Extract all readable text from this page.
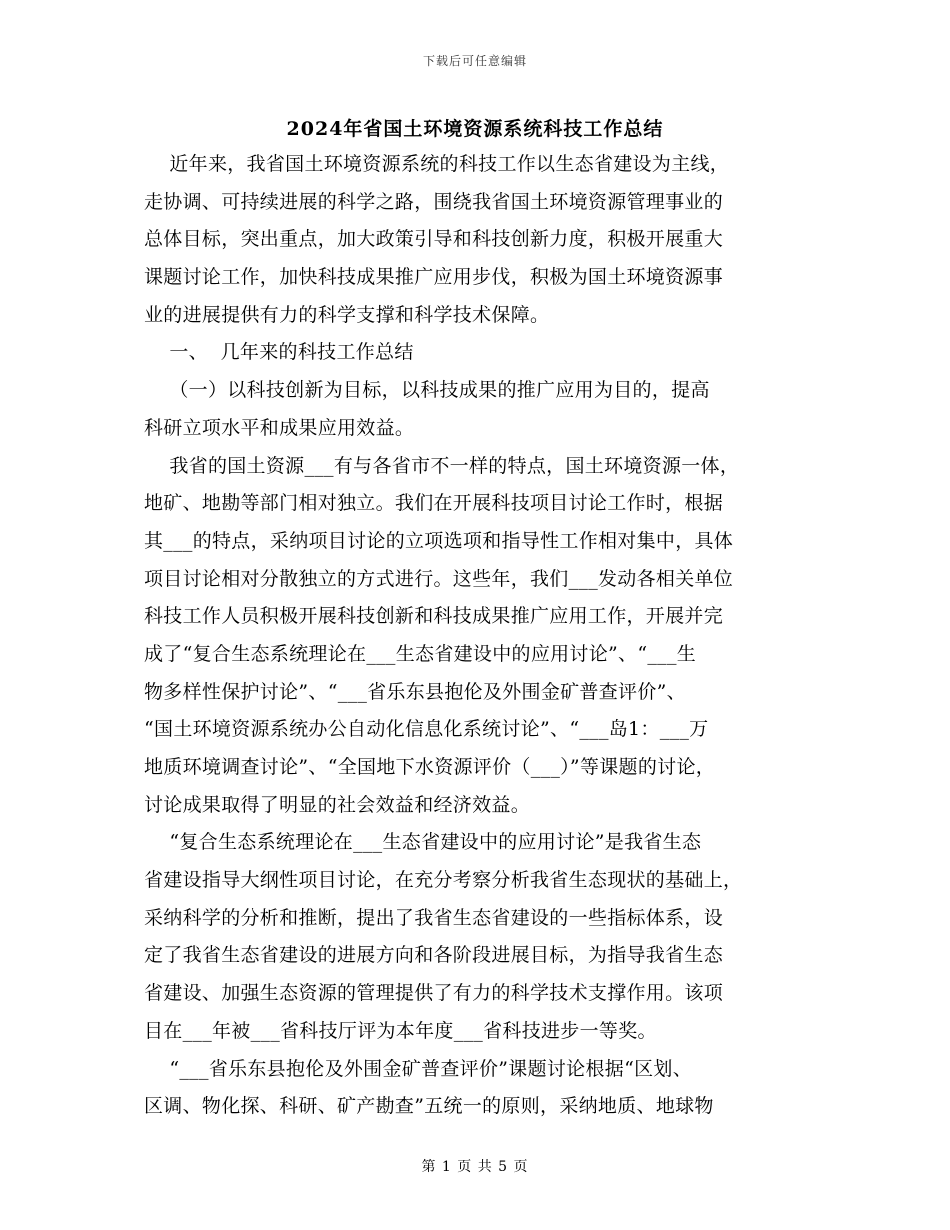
下载后可任意编辑
2024年省国土环境资源系统科技工作总结
近年来，我省国土环境资源系统的科技工作以生态省建设为主线，
走协调、可持续进展的科学之路，围绕我省国土环境资源管理事业的
总体目标，突出重点，加大政策引导和科技创新力度，积极开展重大
课题讨论工作，加快科技成果推广应用步伐，积极为国土环境资源事
业的进展提供有力的科学支撑和科学技术保障。
一、  几年来的科技工作总结
（一）以科技创新为目标，以科技成果的推广应用为目的，提高
科研立项水平和成果应用效益。
我省的国土资源___有与各省市不一样的特点，国土环境资源一体，
地矿、地勘等部门相对独立。我们在开展科技项目讨论工作时，根据
其___的特点，采纳项目讨论的立项选项和指导性工作相对集中，具体
项目讨论相对分散独立的方式进行。这些年，我们___发动各相关单位
科技工作人员积极开展科技创新和科技成果推广应用工作，开展并完
成了“复合生态系统理论在___生态省建设中的应用讨论”、“___生
物多样性保护讨论”、“___省乐东县抱伦及外围金矿普查评价”、
“国土环境资源系统办公自动化信息化系统讨论”、“___岛1：___万
地质环境调查讨论”、“全国地下水资源评价（___）”等课题的讨论，
讨论成果取得了明显的社会效益和经济效益。
“复合生态系统理论在___生态省建设中的应用讨论”是我省生态
省建设指导大纲性项目讨论，在充分考察分析我省生态现状的基础上，
采纳科学的分析和推断，提出了我省生态省建设的一些指标体系，设
定了我省生态省建设的进展方向和各阶段进展目标，为指导我省生态
省建设、加强生态资源的管理提供了有力的科学技术支撑作用。该项
目在___年被___省科技厅评为本年度___省科技进步一等奖。
“___省乐东县抱伦及外围金矿普查评价”课题讨论根据“区划、
区调、物化探、科研、矿产勘查”五统一的原则，采纳地质、地球物
第 1 页 共 5 页
